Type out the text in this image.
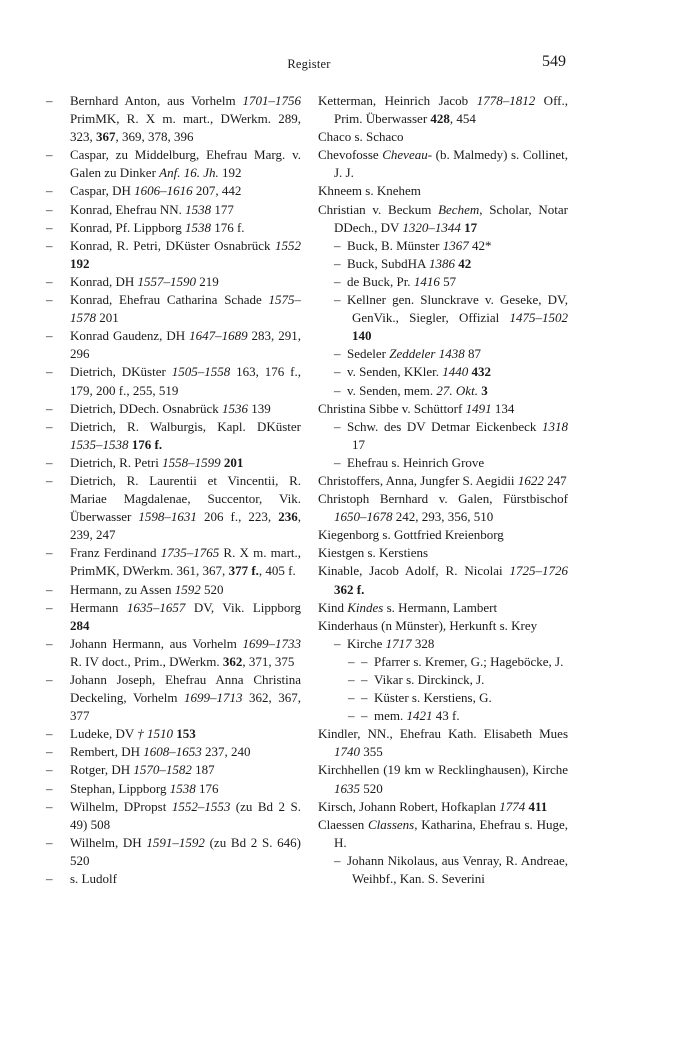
Register	549

–	Bernhard Anton, aus Vorhelm 1701–1756 PrimMK, R. X m. mart., DWerkm. 289, 323, 367, 369, 378, 396

–	Caspar, zu Middelburg, Ehefrau Marg. v. Galen zu Dinker Anf. 16. Jh. 192

–	Caspar, DH 1606–1616 207, 442

–	Konrad, Ehefrau NN. 1538 177

–	Konrad, Pf. Lippborg 1538 176 f.

–	Konrad, R. Petri, DKüster Osnabrück 1552 192

–	Konrad, DH 1557–1590 219

–	Konrad, Ehefrau Catharina Schade 1575–1578 201

–	Konrad Gaudenz, DH 1647–1689 283, 291, 296

–	Dietrich, DKüster 1505–1558 163, 176 f., 179, 200 f., 255, 519

–	Dietrich, DDech. Osnabrück 1536 139

–	Dietrich, R. Walburgis, Kapl. DKüster 1535–1538 176 f.

–	Dietrich, R. Petri 1558–1599 201

–	Dietrich, R. Laurentii et Vincentii, R. Mariae Magdalenae, Succentor, Vik. Überwasser 1598–1631 206 f., 223, 236, 239, 247

–	Franz Ferdinand 1735–1765 R. X m. mart., PrimMK, DWerkm. 361, 367, 377 f., 405 f.

–	Hermann, zu Assen 1592 520

–	Hermann 1635–1657 DV, Vik. Lippborg 284

–	Johann Hermann, aus Vorhelm 1699–1733 R. IV doct., Prim., DWerkm. 362, 371, 375

–	Johann Joseph, Ehefrau Anna Christina Deckeling, Vorhelm 1699–1713 362, 367, 377

–	Ludeke, DV † 1510 153

–	Rembert, DH 1608–1653 237, 240

–	Rotger, DH 1570–1582 187

–	Stephan, Lippborg 1538 176

–	Wilhelm, DPropst 1552–1553 (zu Bd 2 S. 49) 508

–	Wilhelm, DH 1591–1592 (zu Bd 2 S. 646) 520

–	s. Ludolf

Ketterman, Heinrich Jacob 1778–1812 Off., Prim. Überwasser 428, 454

Chaco s. Schaco

Chevofosse Cheveau- (b. Malmedy) s. Collinet, J. J.

Khneem s. Knehem

Christian v. Beckum Bechem, Scholar, Notar DDech., DV 1320–1344 17

– Buck, B. Münster 1367 42*

– Buck, SubdHA 1386 42

– de Buck, Pr. 1416 57

– Kellner gen. Slunckrave v. Geseke, DV, GenVik., Siegler, Offizial 1475–1502 140

– Sedeler Zeddeler 1438 87

– v. Senden, KKler. 1440 432

– v. Senden, mem. 27. Okt. 3

Christina Sibbe v. Schüttorf 1491 134

– Schw. des DV Detmar Eickenbeck 1318 17

– Ehefrau s. Heinrich Grove

Christoffers, Anna, Jungfer S. Aegidii 1622 247

Christoph Bernhard v. Galen, Fürstbischof 1650–1678 242, 293, 356, 510

Kiegenborg s. Gottfried Kreienborg

Kiestgen s. Kerstiens

Kinable, Jacob Adolf, R. Nicolai 1725–1726 362 f.

Kind Kindes s. Hermann, Lambert

Kinderhaus (n Münster), Herkunft s. Krey

– Kirche 1717 328

– – Pfarrer s. Kremer, G.; Hageböcke, J.

– – Vikar s. Dirckinck, J.

– – Küster s. Kerstiens, G.

– – mem. 1421 43 f.

Kindler, NN., Ehefrau Kath. Elisabeth Mues 1740 355

Kirchhellen (19 km w Recklinghausen), Kirche 1635 520

Kirsch, Johann Robert, Hofkaplan 1774 411

Claessen Classens, Katharina, Ehefrau s. Huge, H.

– Johann Nikolaus, aus Venray, R. Andreae, Weihbf., Kan. S. Severini
